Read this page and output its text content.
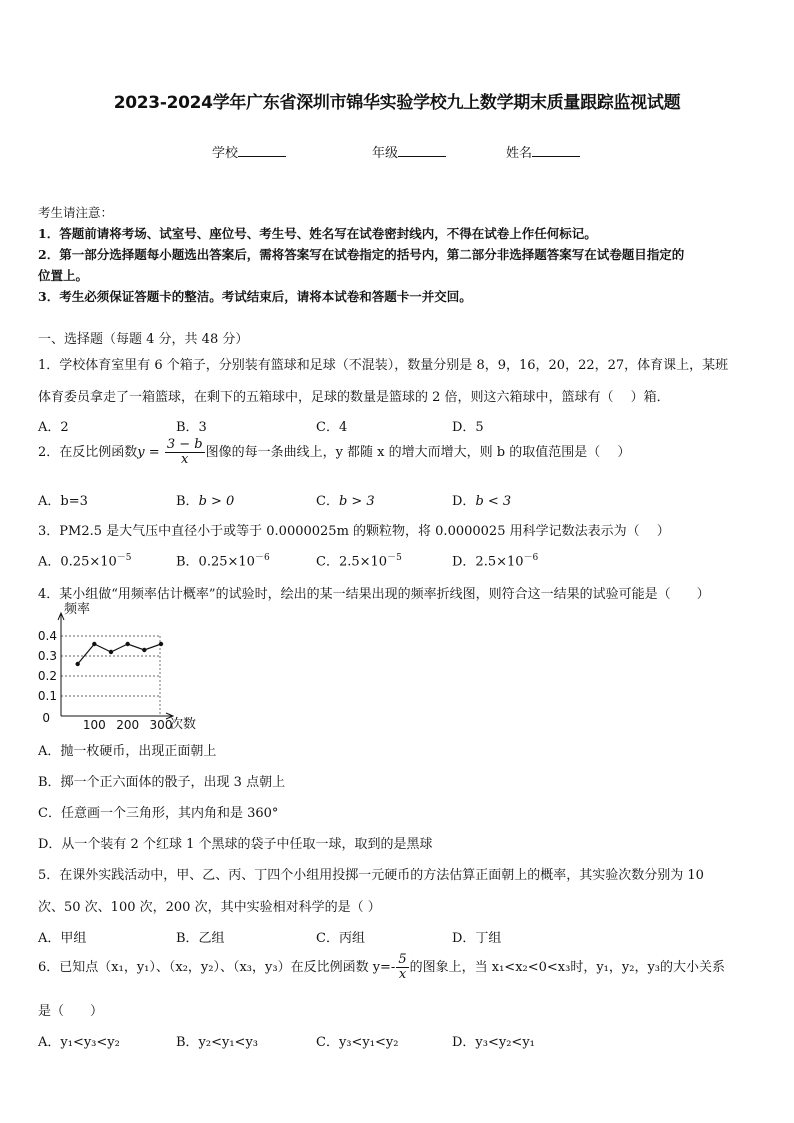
2023-2024学年广东省深圳市锦华实验学校九上数学期末质量跟踪监视试题
学校	年级	姓名
考生请注意：
1．答题前请将考场、试室号、座位号、考生号、姓名写在试卷密封线内，不得在试卷上作任何标记。
2．第一部分选择题每小题选出答案后，需将答案写在试卷指定的括号内，第二部分非选择题答案写在试卷题目指定的
位置上。
3．考生必须保证答题卡的整洁。考试结束后，请将本试卷和答题卡一并交回。
一、选择题（每题 4 分，共 48 分）
1．学校体育室里有 6 个箱子，分别装有篮球和足球（不混装），数量分别是 8，9，16，20，22，27，体育课上，某班
体育委员拿走了一箱篮球，在剩下的五箱球中，足球的数量是篮球的 2 倍，则这六箱球中，篮球有（　 ）箱．
A．2	B．3	C．4	D．5
2．在反比例函数$y = \frac{3 - b}{x}$ 图像的每一条曲线上，y 都随 x 的增大而增大，则 b 的取值范围是（　 ）
A．b=3	B．b > 0	C．b > 3	D．b < 3
3．PM2.5 是大气压中直径小于或等于 0.0000025m 的颗粒物，将 0.0000025 用科学记数法表示为（　 ）
A．$0.25\times 10^{-5}$	B．$0.25\times 10^{-6}$	C．$2.5\times 10^{-5}$	D．$2.5\times 10^{-6}$
4．某小组做“用频率估计概率”的试验时，绘出的某一结果出现的频率折线图，则符合这一结果的试验可能是（　　）
0.4
0.3
0.2
0.1
频率
次数
0	100 200 300
A．抛一枚硬币，出现正面朝上
B．掷一个正六面体的骰子，出现 3 点朝上
C．任意画一个三角形，其内角和是 360°
D．从一个装有 2 个红球 1 个黑球的袋子中任取一球，取到的是黑球
5．在课外实践活动中，甲、乙、丙、丁四个小组用投掷一元硬币的方法估算正面朝上的概率，其实验次数分别为 10
次、50 次、100 次，200 次，其中实验相对科学的是（ ）
A．甲组	B．乙组	C．丙组	D．丁组
6．已知点（x₁，y₁）、（x₂，y₂）、（x₃，y₃）在反比例函数 $y=- \frac{5}{x}$ 的图象上，当 x₁<x₂<0<x₃时，y₁，y₂，y₃的大小关系
是（　　）
A．y₁<y₃<y₂	B．y₂<y₁<y₃	C．y₃<y₁<y₂	D．y₃<y₂<y₁
